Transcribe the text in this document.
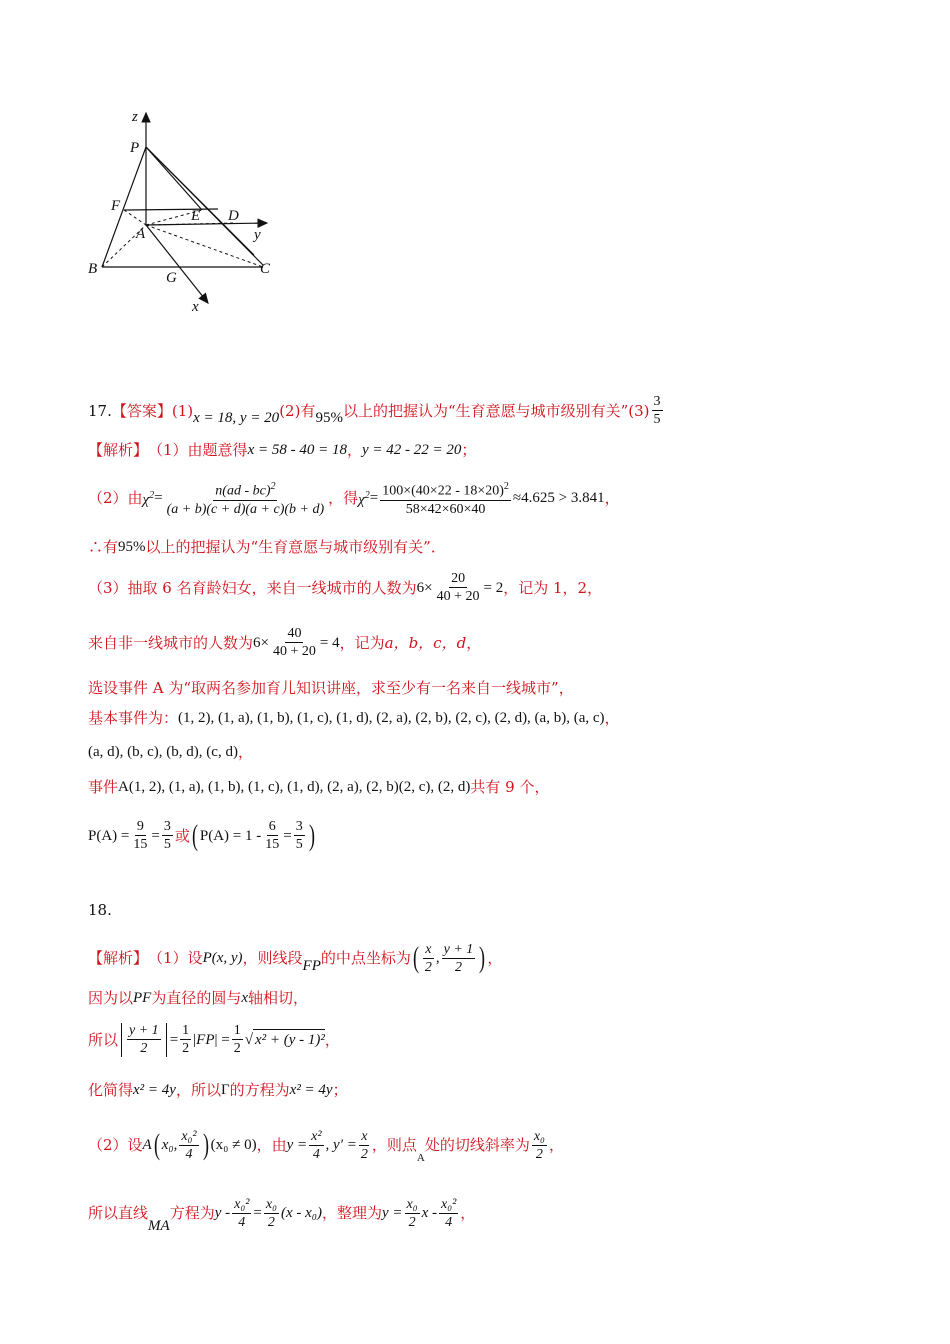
z
P
F
E D
A	y
B
G
C
x
17. 【答案】 (1) x = 18, y = 20 (2)有 95% 以上的把握认为“生育意愿与城市级别有关” $(3) \frac{3}{5}$
【解析】 （1）由题意得 x = 58 - 40 = 18 ， y = 42 - 22 = 20 ；
（2）由 $\chi^2 = \frac{n(ad - bc)^2}{(a + b)(c + d)(a + c)(b + d)}$ ，得 $\chi^2 = \frac{100\times(40\times 22 - 18\times 20)^2}{58\times 42\times 60\times 40} \approx 4.625 > 3.841$ ，
∴有 95% 以上的把握认为“生育意愿与城市级别有关”．
（3）抽取 6 名育龄妇女，来自一线城市的人数为 $6\times \frac{20}{40 + 20} = 2$ ，记为 1，2，
来自非一线城市的人数为 $6\times \frac{40}{40 + 20} = 4$ ，记为 a，b，c，d ，
选设事件 A 为“取两名参加育儿知识讲座，求至少有一名来自一线城市”，
基本事件为： (1, 2), (1, a), (1, b), (1, c), (1, d), (2, a), (2, b), (2, c), (2, d), (a, b), (a, c) ，
(a, d), (b, c), (b, d), (c, d) ，
事件 A(1, 2), (1, a), (1, b), (1, c), (1, d), (2, a), (2, b)(2, c), (2, d) 共有 9 个，
$P(A) = \frac{9}{15} = \frac{3}{5}$ 或 ( $P(A) = 1 - \frac{6}{15} = \frac{3}{5}$ )
18.
【解析】 （1）设 P(x, y) ，则线段 FP 的中点坐标为 ( $\frac{x}{2}$ , $\frac{y + 1}{2}$ ) ，
因为以 PF 为直径的圆与 x 轴相切，
所以 $\frac{y + 1}{2} = \frac{1}{2}$ | FP | = $\frac{1}{2}$ √ x² + (y - 1)² ，
化简得 x² = 4y ，所以 Γ 的方程为 x² = 4y ；
（2）设 A ( x₀ , $\frac{\text{x₀²}}{4}$ ) (x₀ ≠ 0) ，由 $y = \frac{\text{x²}}{4}$ , $y' = \frac{x}{2}$ ，则点
A
处的切线斜率为 $\frac{\text{x₀}}{2}$ ，
所以直线
MA
方程为 $y - \frac{\text{x₀²}}{4} = \frac{\text{x₀}}{2} (x - x_0)$ ，整理为 $y = \frac{\text{x₀}}{2}$ x - $\frac{\text{x₀²}}{4}$ ，
